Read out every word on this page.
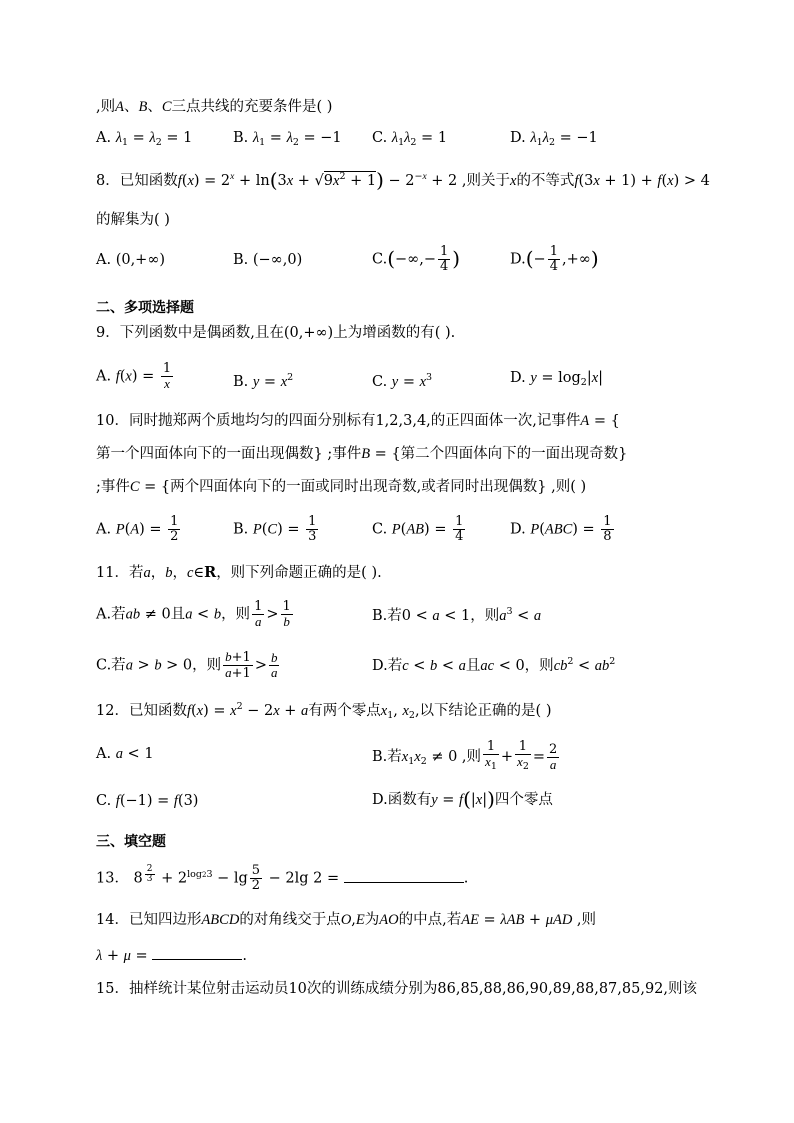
,则A、B、C三点共线的充要条件是( )
A. $\lambda_1 = \lambda_2 = 1$	B. $\lambda_1 = \lambda_2 = -1$ C. $\lambda_1\lambda_2 = 1$	D. $\lambda_1\lambda_2 = -1$
8．已知函数$f(x) = 2^x + \ln(3x + √9x^2 + 1) - 2^{-x} + 2$ ,则关于x的不等式f(3x + 1) + f(x) > 4
的解集为( )
A. (0,+∞)	B. (−∞,0)	$C.(-\infty,- \frac{1}{4}$ )	$D.(- \frac{1}{4}$ ,+∞)
二、多项选择题
9．下列函数中是偶函数,且在(0,+∞)上为增函数的有( ).
A. $f(x) = \frac{1}{x}$	B. $y = x^2$	C. $y = x^3$	D. $y = \log_2|x|$
10．同时抛郑两个质地均匀的四面分别标有1,2,3,4,的正四面体一次,记事件A = {
第一个四面体向下的一面出现偶数} ;事件B = {第二个四面体向下的一面出现奇数}
;事件C = {两个四面体向下的一面或同时出现奇数,或者同时出现偶数} ,则( )
A. $P(A) = \frac{1}{2}$	B. $P(C) = \frac{1}{3}$	C. $P(AB) = \frac{1}{4}$	D. $P(ABC) = \frac{1}{8}$
11．若a，b，c∈R，则下列命题正确的是( ).
A.若ab ≠ 0且a < b，则 $\frac{1}{a} > \frac{1}{b}$	B.若0 < a < 1，则$a^3 < a$
C.若a > b > 0，则 $\frac{b+1}{a+1} > \frac{b}{a}$	D.若c < b < a且ac < 0，则$cb^2 < ab^2$
12．已知函数$f(x) = x^2 - 2x + a$有两个零点$x_1$, $x_2$,以下结论正确的是( )
A. a < 1	B.若$x_1x_2 \ne 0$ ,则 $\frac{1}{x_1} + \frac{1}{x_2} = \frac{2}{a}$
C. f(−1) = f(3)	D.函数有y = f(|x|)四个零点
三、填空题
13． 8 $^{\frac{2}{3}} + 2^{log23} - \lg \frac{5}{2} - 2\lg$ 2 =	.
14．已知四边形ABCD的对角线交于点O,E为AO的中点,若AE = λAB + μAD ,则
λ + μ =	.
15．抽样统计某位射击运动员10次的训练成绩分别为86,85,88,86,90,89,88,87,85,92,则该
